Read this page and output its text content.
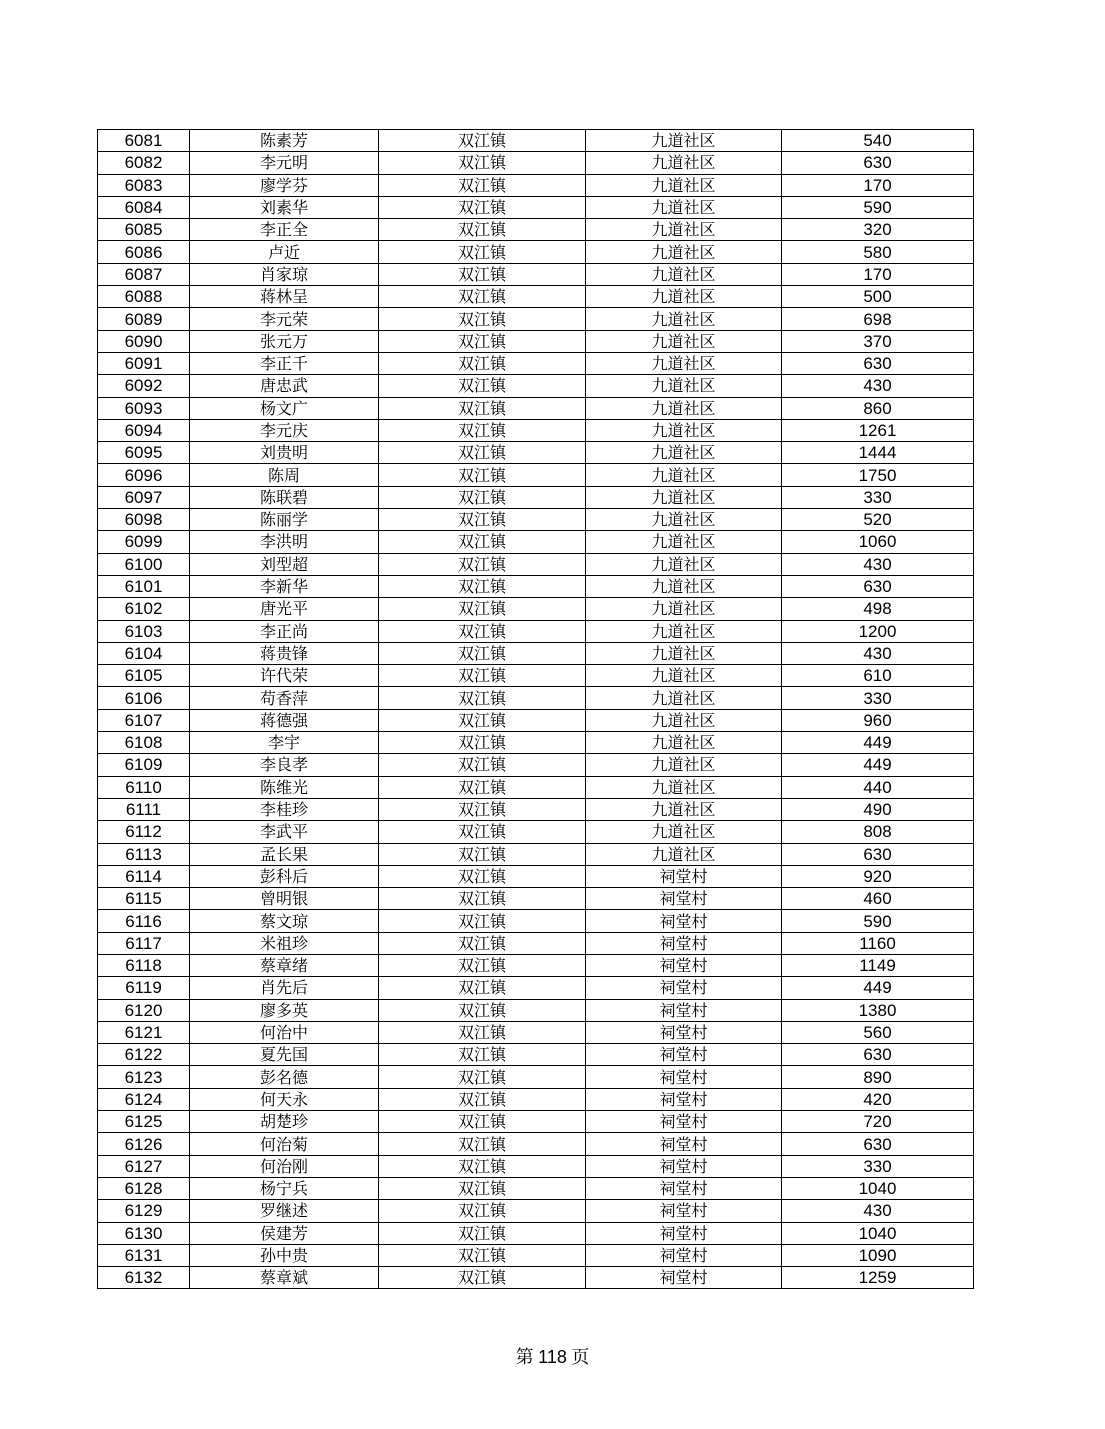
6081	陈素芳	双江镇	九道社区	540
6082	李元明	双江镇	九道社区	630
6083	廖学芬	双江镇	九道社区	170
6084	刘素华	双江镇	九道社区	590
6085	李正全	双江镇	九道社区	320
6086	卢近	双江镇	九道社区	580
6087	肖家琼	双江镇	九道社区	170
6088	蒋林呈	双江镇	九道社区	500
6089	李元荣	双江镇	九道社区	698
6090	张元万	双江镇	九道社区	370
6091	李正千	双江镇	九道社区	630
6092	唐忠武	双江镇	九道社区	430
6093	杨文广	双江镇	九道社区	860
6094	李元庆	双江镇	九道社区	1261
6095	刘贵明	双江镇	九道社区	1444
6096	陈周	双江镇	九道社区	1750
6097	陈联碧	双江镇	九道社区	330
6098	陈丽学	双江镇	九道社区	520
6099	李洪明	双江镇	九道社区	1060
6100	刘型超	双江镇	九道社区	430
6101	李新华	双江镇	九道社区	630
6102	唐光平	双江镇	九道社区	498
6103	李正尚	双江镇	九道社区	1200
6104	蒋贵锋	双江镇	九道社区	430
6105	许代荣	双江镇	九道社区	610
6106	苟香萍	双江镇	九道社区	330
6107	蒋德强	双江镇	九道社区	960
6108	李宇	双江镇	九道社区	449
6109	李良孝	双江镇	九道社区	449
6110	陈维光	双江镇	九道社区	440
6111	李桂珍	双江镇	九道社区	490
6112	李武平	双江镇	九道社区	808
6113	孟长果	双江镇	九道社区	630
6114	彭科后	双江镇	祠堂村	920
6115	曾明银	双江镇	祠堂村	460
6116	蔡文琼	双江镇	祠堂村	590
6117	米祖珍	双江镇	祠堂村	1160
6118	蔡章绪	双江镇	祠堂村	1149
6119	肖先后	双江镇	祠堂村	449
6120	廖多英	双江镇	祠堂村	1380
6121	何治中	双江镇	祠堂村	560
6122	夏先国	双江镇	祠堂村	630
6123	彭名德	双江镇	祠堂村	890
6124	何天永	双江镇	祠堂村	420
6125	胡楚珍	双江镇	祠堂村	720
6126	何治菊	双江镇	祠堂村	630
6127	何治刚	双江镇	祠堂村	330
6128	杨宁兵	双江镇	祠堂村	1040
6129	罗继述	双江镇	祠堂村	430
6130	侯建芳	双江镇	祠堂村	1040
6131	孙中贵	双江镇	祠堂村	1090
6132	蔡章斌	双江镇	祠堂村	1259
第 118 页
